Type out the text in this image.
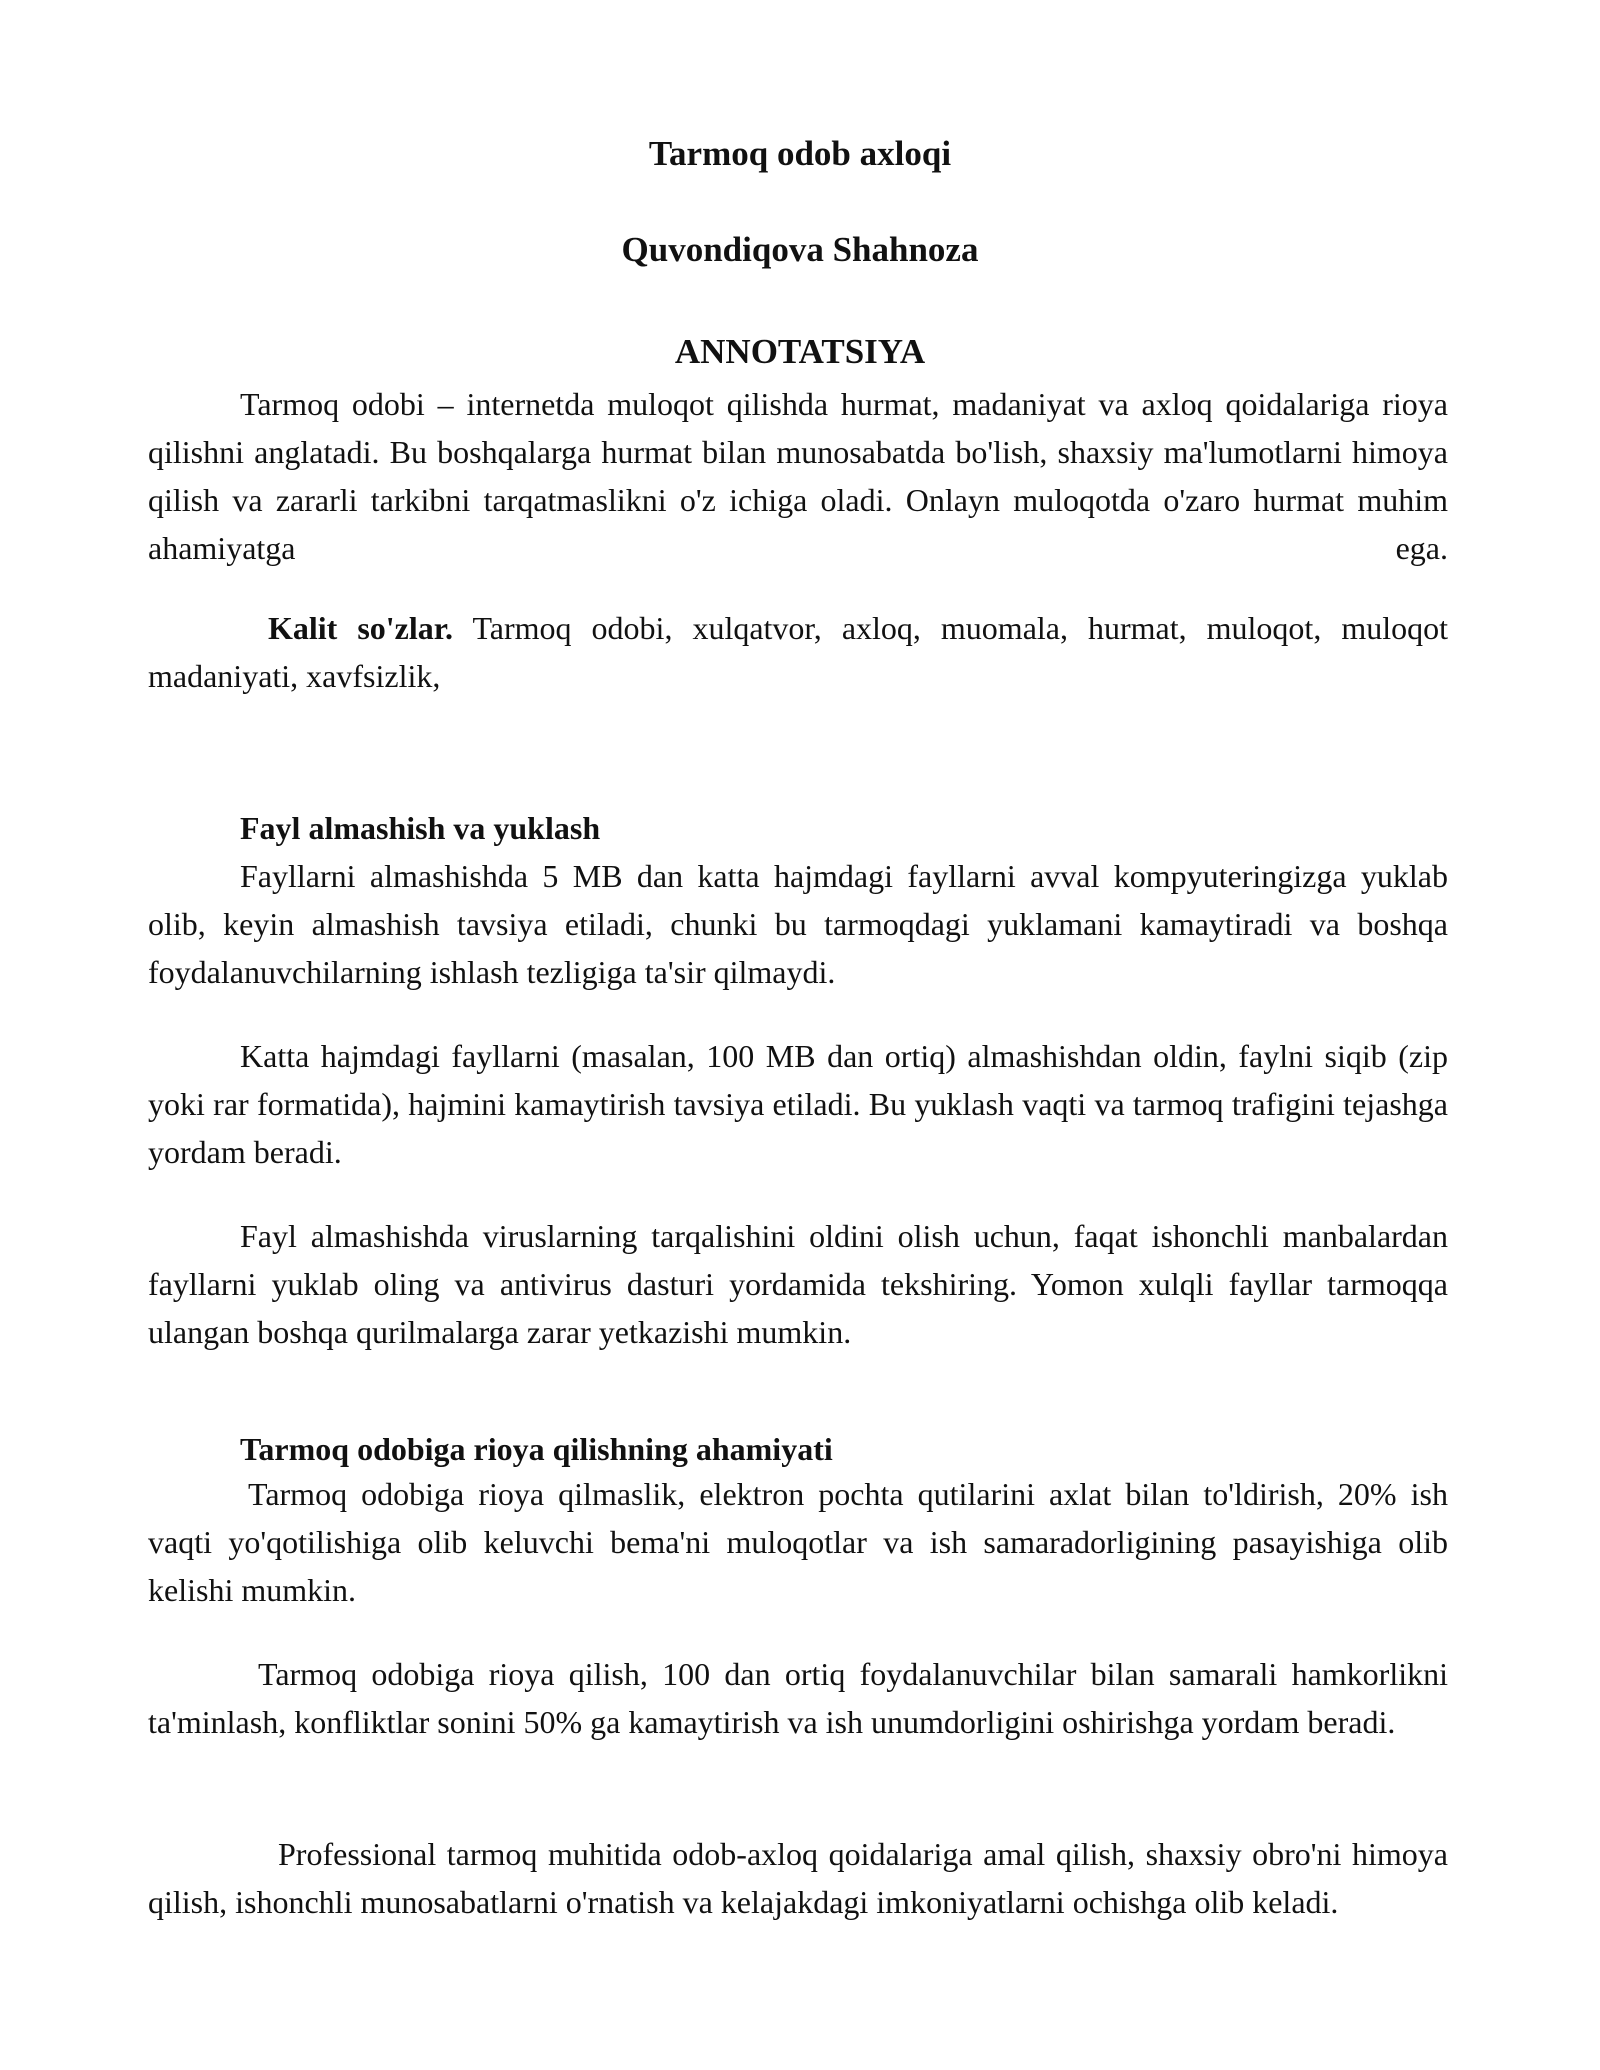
Tarmoq odob axloqi
Quvondiqova Shahnoza
ANNOTATSIYA
Tarmoq odobi – internetda muloqot qilishda hurmat, madaniyat va axloq qoidalariga rioya qilishni anglatadi. Bu boshqalarga hurmat bilan munosabatda bo'lish, shaxsiy ma'lumotlarni himoya qilish va zararli tarkibni tarqatmaslikni o'z ichiga oladi. Onlayn muloqotda o'zaro hurmat muhim ahamiyatga ega.
Kalit so'zlar. Tarmoq odobi, xulqatvor, axloq, muomala, hurmat, muloqot, muloqot madaniyati, xavfsizlik,
Fayl almashish va yuklash
Fayllarni almashishda 5 MB dan katta hajmdagi fayllarni avval kompyuteringizga yuklab olib, keyin almashish tavsiya etiladi, chunki bu tarmoqdagi yuklamani kamaytiradi va boshqa foydalanuvchilarning ishlash tezligiga ta'sir qilmaydi.
Katta hajmdagi fayllarni (masalan, 100 MB dan ortiq) almashishdan oldin, faylni siqib (zip yoki rar formatida), hajmini kamaytirish tavsiya etiladi. Bu yuklash vaqti va tarmoq trafigini tejashga yordam beradi.
Fayl almashishda viruslarning tarqalishini oldini olish uchun, faqat ishonchli manbalardan fayllarni yuklab oling va antivirus dasturi yordamida tekshiring. Yomon xulqli fayllar tarmoqqa ulangan boshqa qurilmalarga zarar yetkazishi mumkin.
Tarmoq odobiga rioya qilishning ahamiyati
Tarmoq odobiga rioya qilmaslik, elektron pochta qutilarini axlat bilan to'ldirish, 20% ish vaqti yo'qotilishiga olib keluvchi bema'ni muloqotlar va ish samaradorligining pasayishiga olib kelishi mumkin.
Tarmoq odobiga rioya qilish, 100 dan ortiq foydalanuvchilar bilan samarali hamkorlikni ta'minlash, konfliktlar sonini 50% ga kamaytirish va ish unumdorligini oshirishga yordam beradi.
Professional tarmoq muhitida odob-axloq qoidalariga amal qilish, shaxsiy obro'ni himoya qilish, ishonchli munosabatlarni o'rnatish va kelajakdagi imkoniyatlarni ochishga olib keladi.
